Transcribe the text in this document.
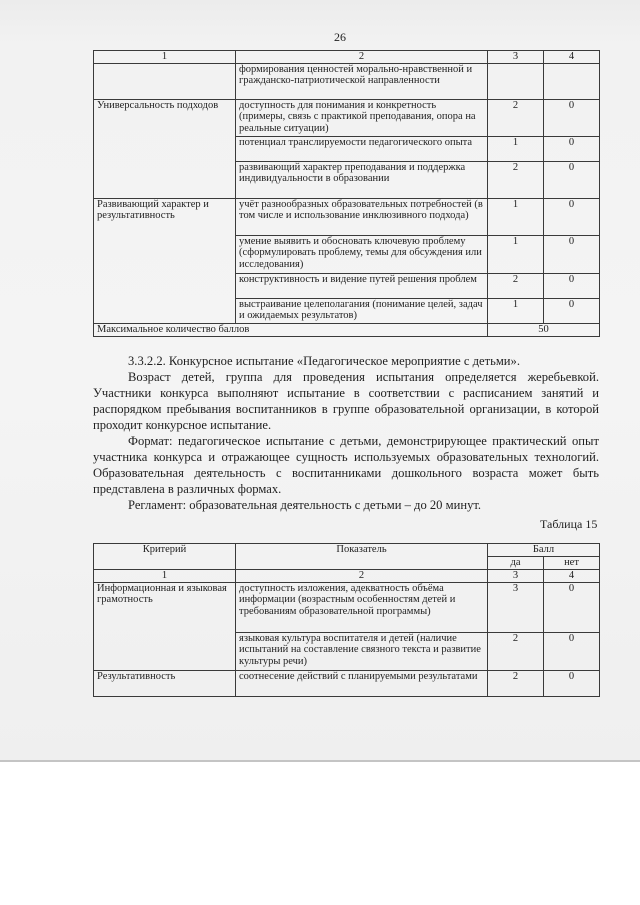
26
1	2	3	4
	формирования ценностей морально-нравственной и гражданско-патриотической направленности		
Универсальность подходов	доступность для понимания и конкретность (примеры, связь с практикой преподавания, опора на реальные ситуации)	2	0
	потенциал транслируемости педагогического опыта	1	0
	развивающий характер преподавания и поддержка индивидуальности в образовании	2	0
Развивающий характер и результативность	учёт разнообразных образовательных потребностей (в том числе и использование инклюзивного подхода)	1	0
	умение выявить и обосновать ключевую проблему (сформулировать проблему, темы для обсуждения или исследования)	1	0
	конструктивность и видение путей решения проблем	2	0
	выстраивание целеполагания (понимание целей, задач и ожидаемых результатов)	1	0
Максимальное количество баллов		50	

3.3.2.2. Конкурсное испытание «Педагогическое мероприятие с детьми».

Возраст детей, группа для проведения испытания определяется жеребьевкой. Участники конкурса выполняют испытание в соответствии с расписанием занятий и распорядком пребывания воспитанников в группе образовательной организации, в которой проходит конкурсное испытание.

Формат: педагогическое испытание с детьми, демонстрирующее практический опыт участника конкурса и отражающее сущность используемых образовательных технологий. Образовательная деятельность с воспитанниками дошкольного возраста может быть представлена в различных формах.

Регламент: образовательная деятельность с детьми – до 20 минут.

Таблица 15
Критерий	Показатель	Балл	
		да	нет
1	2	3	4
Информационная и языковая грамотность	доступность изложения, адекватность объёма информации (возрастным особенностям детей и требованиям образовательной программы)	3	0
	языковая культура воспитателя и детей (наличие испытаний на составление связного текста и развитие культуры речи)	2	0
Результативность	соотнесение действий с планируемыми результатами	2	0
